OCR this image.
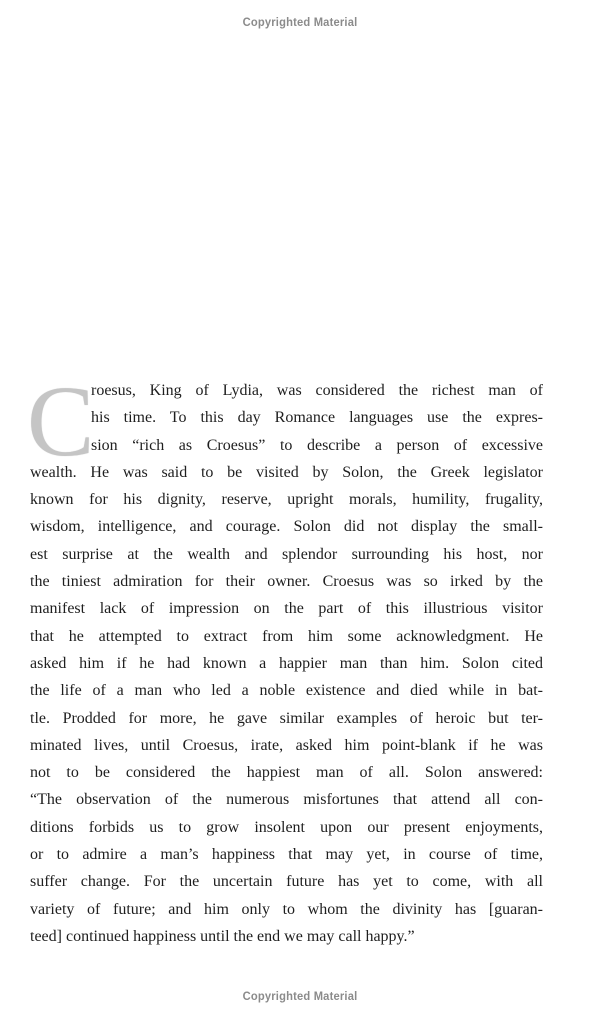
Copyrighted Material
C
roesus, King of Lydia, was considered the richest man of
his time. To this day Romance languages use the expres-
sion “rich as Croesus” to describe a person of excessive
wealth. He was said to be visited by Solon, the Greek legislator
known for his dignity, reserve, upright morals, humility, frugality,
wisdom, intelligence, and courage. Solon did not display the small-
est surprise at the wealth and splendor surrounding his host, nor
the tiniest admiration for their owner. Croesus was so irked by the
manifest lack of impression on the part of this illustrious visitor
that he attempted to extract from him some acknowledgment. He
asked him if he had known a happier man than him. Solon cited
the life of a man who led a noble existence and died while in bat-
tle. Prodded for more, he gave similar examples of heroic but ter-
minated lives, until Croesus, irate, asked him point-blank if he was
not to be considered the happiest man of all. Solon answered:
“The observation of the numerous misfortunes that attend all con-
ditions forbids us to grow insolent upon our present enjoyments,
or to admire a man’s happiness that may yet, in course of time,
suffer change. For the uncertain future has yet to come, with all
variety of future; and him only to whom the divinity has [guaran-
teed] continued happiness until the end we may call happy.”
Copyrighted Material
